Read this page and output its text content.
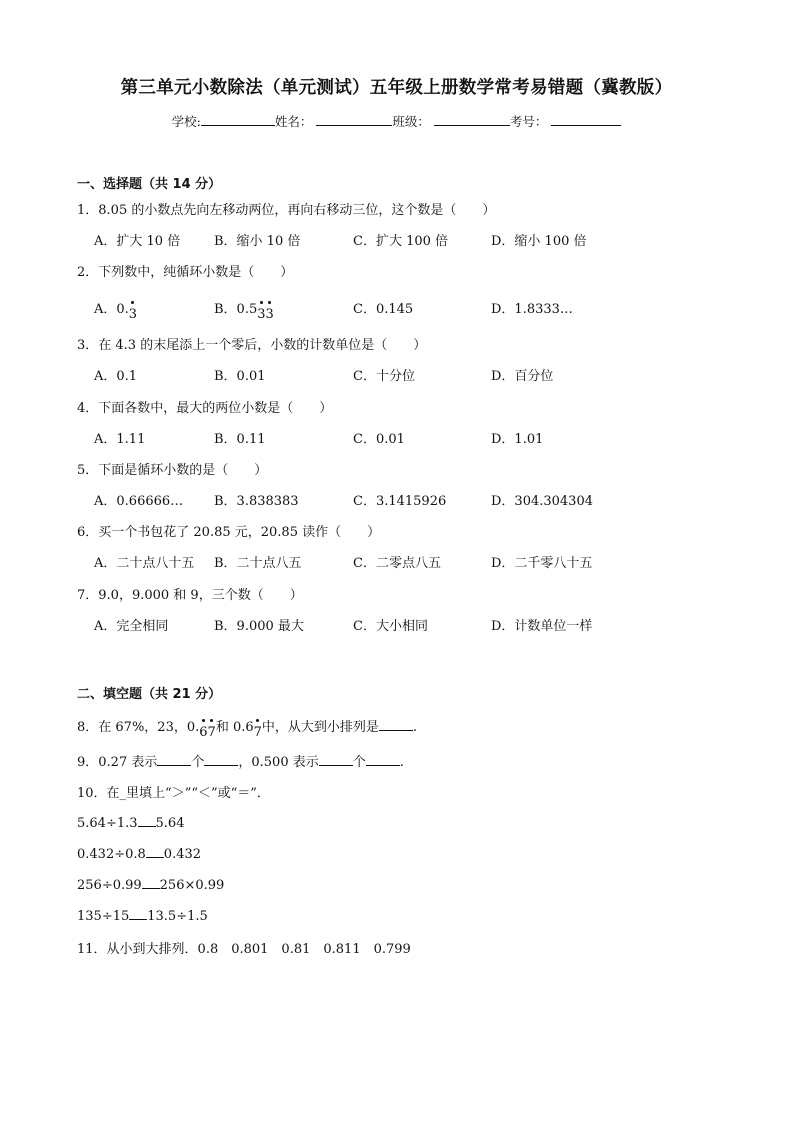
第三单元小数除法（单元测试）五年级上册数学常考易错题（冀教版）
学校:	姓名：	班级：	考号：
一、选择题（共 14 分）
1．8.05 的小数点先向左移动两位，再向右移动三位，这个数是（　　）
A．扩大 10 倍	B．缩小 10 倍	C．扩大 100 倍	D．缩小 100 倍
2．下列数中，纯循环小数是（　　）
A．0.
3	B．0.5
3
3	C．0.145	D．1.8333…
3．在 4.3 的末尾添上一个零后，小数的计数单位是（　　）
A．0.1	B．0.01	C．十分位	D．百分位
4．下面各数中，最大的两位小数是（　　）
A．1.11	B．0.11	C．0.01	D．1.01
5．下面是循环小数的是（　　）
A．0.66666… B．3.838383	C．3.1415926	D．304.304304
6．买一个书包花了 20.85 元，20.85 读作（　　）
A．二十点八十五 B．二十点八五	C．二零点八五	D．二千零八十五
7．9.0，9.000 和 9，三个数（　　）
A．完全相同	B．9.000 最大	C．大小相同	D．计数单位一样
二、填空题（共 21 分）
8．在 67%，23，0.
6
7和 0.6
7中，从大到小排列是	.
9．0.27 表示	个	，0.500 表示	个	.
10．在_里填上“＞”“＜”或“＝”．
5.64÷1.3 5.64
0.432÷0.8 0.432
256÷0.99 256×0.99
135÷15 13.5÷1.5
11．从小到大排列．0.8　0.801　0.81　0.811　0.799
